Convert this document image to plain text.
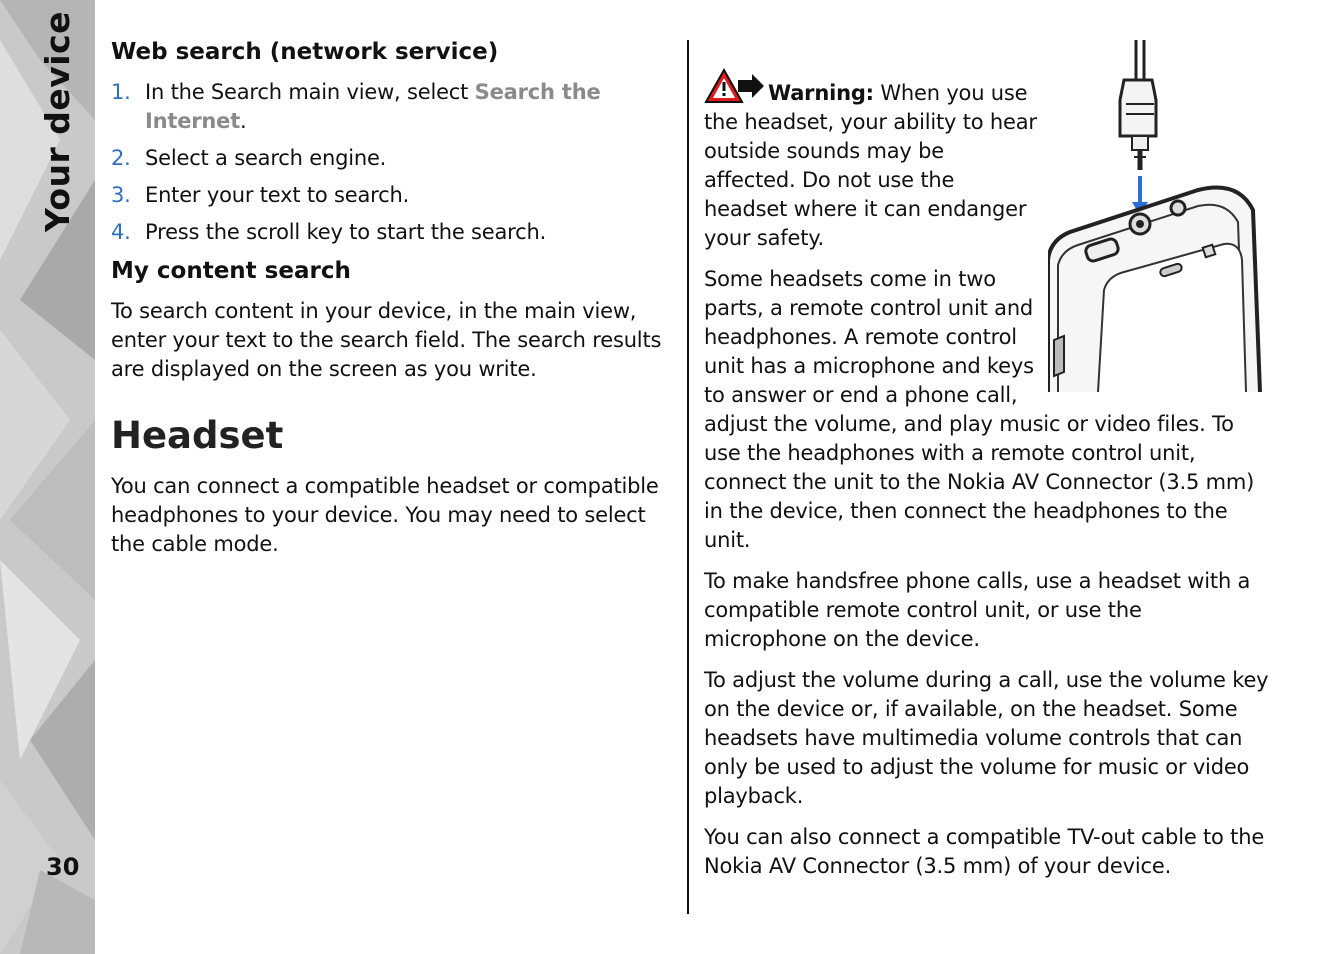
Your device
30
Web search (network service)
1. In the Search main view, select Search the Internet.
2. Select a search engine.
3. Enter your text to search.
4. Press the scroll key to start the search.
My content search

To search content in your device, in the main view, enter your text to the search field. The search results are displayed on the screen as you write.

Headset

You can connect a compatible headset or compatible headphones to your device. You may need to select the cable mode.

Warning: When you use the headset, your ability to hear outside sounds may be affected. Do not use the headset where it can endanger your safety.

Some headsets come in two parts, a remote control unit and headphones. A remote control unit has a microphone and keys to answer or end a phone call, adjust the volume, and play music or video files. To use the headphones with a remote control unit, connect the unit to the Nokia AV Connector (3.5 mm) in the device, then connect the headphones to the unit.

To make handsfree phone calls, use a headset with a compatible remote control unit, or use the microphone on the device.

To adjust the volume during a call, use the volume key on the device or, if available, on the headset. Some headsets have multimedia volume controls that can only be used to adjust the volume for music or video playback.

You can also connect a compatible TV-out cable to the Nokia AV Connector (3.5 mm) of your device.
